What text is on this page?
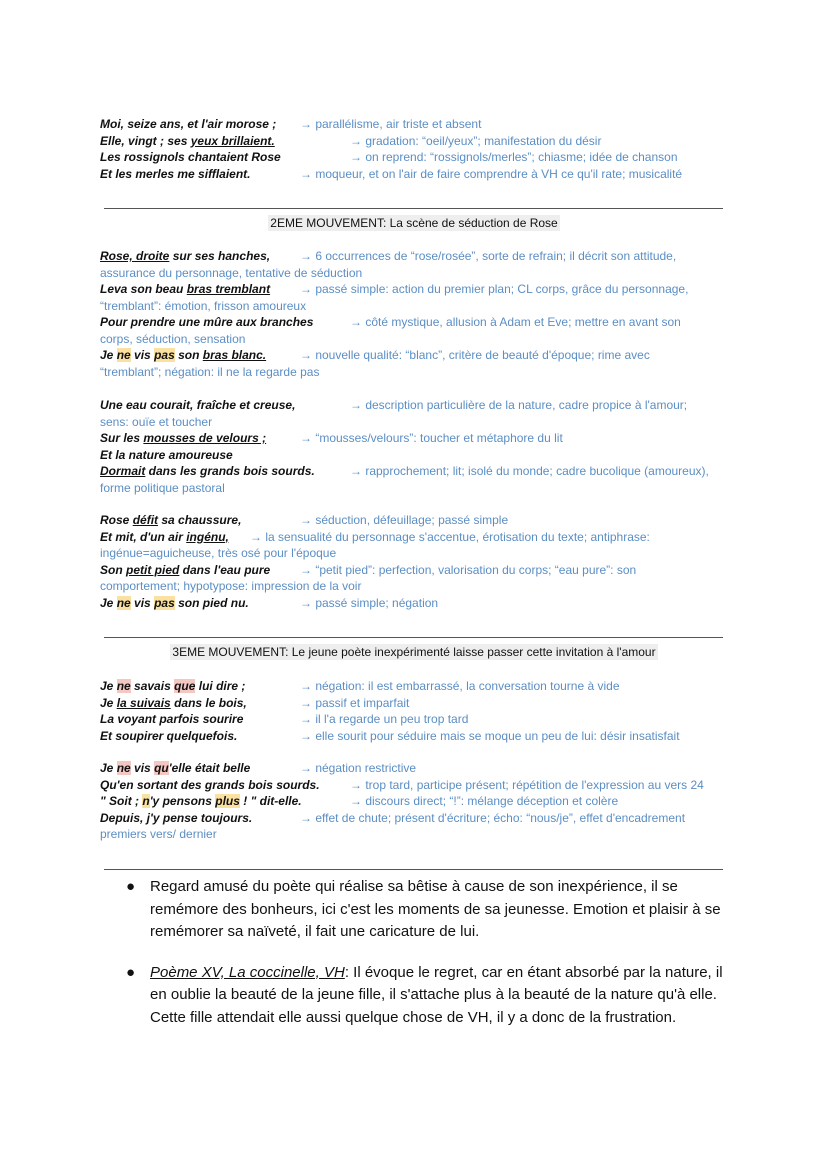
Moi, seize ans, et l'air morose ; → parallélisme, air triste et absent
Elle, vingt ; ses yeux brillaient.	→ gradation: “oeil/yeux”; manifestation du désir
Les rossignols chantaient Rose	→ on reprend: “rossignols/merles”; chiasme; idée de chanson
Et les merles me sifflaient.	→ moqueur, et on l'air de faire comprendre à VH ce qu'il rate; musicalité
2EME MOUVEMENT: La scène de séduction de Rose
Rose, droite sur ses hanches, → 6 occurrences de “rose/rosée”, sorte de refrain; il décrit son attitude,
assurance du personnage, tentative de séduction
Leva son beau bras tremblant → passé simple: action du premier plan; CL corps, grâce du personnage,
“tremblant”: émotion, frisson amoureux
Pour prendre une mûre aux branches	→ côté mystique, allusion à Adam et Eve; mettre en avant son
corps, séduction, sensation
Je ne vis pas son bras blanc.	→ nouvelle qualité: “blanc”, critère de beauté d'époque; rime avec
“tremblant”; négation: il ne la regarde pas
Une eau courait, fraîche et creuse,	→ description particulière de la nature, cadre propice à l'amour;
sens: ouïe et toucher
Sur les mousses de velours ;	→ “mousses/velours”: toucher et métaphore du lit
Et la nature amoureuse
Dormait dans les grands bois sourds.	→ rapprochement; lit; isolé du monde; cadre bucolique (amoureux),
forme politique pastoral
Rose défit sa chaussure,	→ séduction, défeuillage; passé simple
Et mit, d'un air ingénu, → la sensualité du personnage s'accentue, érotisation du texte; antiphrase:
ingénue=aguicheuse, très osé pour l'époque
Son petit pied dans l'eau pure → “petit pied”: perfection, valorisation du corps; “eau pure”: son
comportement; hypotypose: impression de la voir
Je ne vis pas son pied nu.	→ passé simple; négation
3EME MOUVEMENT: Le jeune poète inexpérimenté laisse passer cette invitation à l'amour
Je ne savais que lui dire ;	→ négation: il est embarrassé, la conversation tourne à vide
Je la suivais dans le bois,	→ passif et imparfait
La voyant parfois sourire	→ il l'a regarde un peu trop tard
Et soupirer quelquefois.	→ elle sourit pour séduire mais se moque un peu de lui: désir insatisfait
Je ne vis qu'elle était belle	→ négation restrictive
Qu'en sortant des grands bois sourds.	→ trop tard, participe présent; répétition de l'expression au vers 24
" Soit ; n'y pensons plus ! " dit-elle.	→ discours direct; “!”: mélange déception et colère
Depuis, j'y pense toujours.	→ effet de chute; présent d'écriture; écho: “nous/je”, effet d'encadrement
premiers vers/ dernier
● Regard amusé du poète qui réalise sa bêtise à cause de son inexpérience, il se remémore des bonheurs, ici c'est les moments de sa jeunesse. Emotion et plaisir à se remémorer sa naïveté, il fait une caricature de lui.
● Poème XV, La coccinelle, VH: Il évoque le regret, car en étant absorbé par la nature, il en oublie la beauté de la jeune fille, il s'attache plus à la beauté de la nature qu'à elle. Cette fille attendait elle aussi quelque chose de VH, il y a donc de la frustration.
